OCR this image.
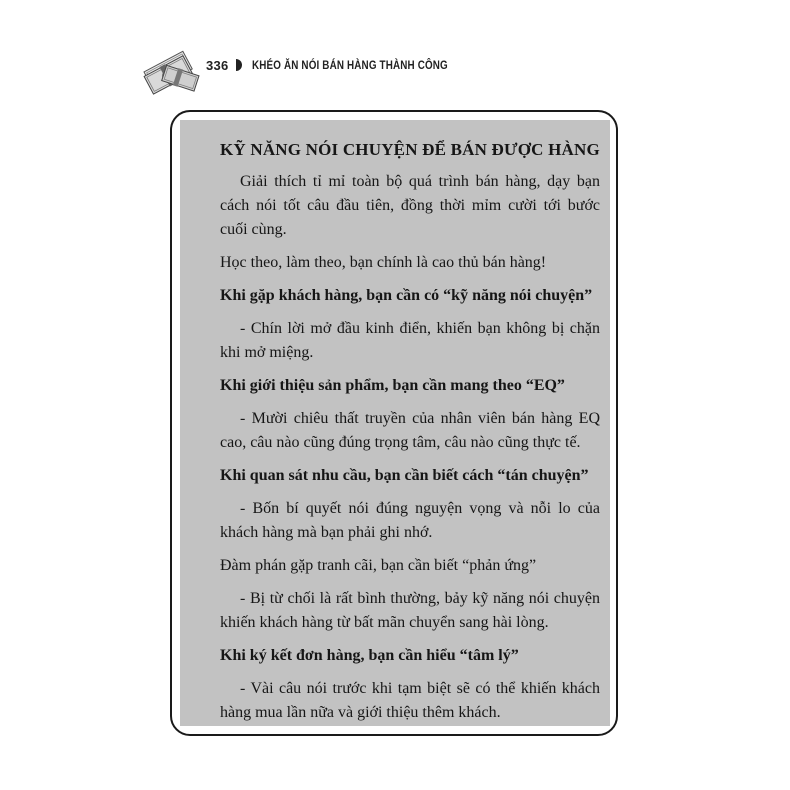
336 KHÉO ĂN NÓI BÁN HÀNG THÀNH CÔNG

KỸ NĂNG NÓI CHUYỆN ĐỂ BÁN ĐƯỢC HÀNG

Giải thích tỉ mỉ toàn bộ quá trình bán hàng, dạy bạn cách nói tốt câu đầu tiên, đồng thời mỉm cười tới bước cuối cùng.

Học theo, làm theo, bạn chính là cao thủ bán hàng!

Khi gặp khách hàng, bạn cần có “kỹ năng nói chuyện”

- Chín lời mở đầu kinh điển, khiến bạn không bị chặn khi mở miệng.

Khi giới thiệu sản phẩm, bạn cần mang theo “EQ”

- Mười chiêu thất truyền của nhân viên bán hàng EQ cao, câu nào cũng đúng trọng tâm, câu nào cũng thực tế.

Khi quan sát nhu cầu, bạn cần biết cách “tán chuyện”

- Bốn bí quyết nói đúng nguyện vọng và nỗi lo của khách hàng mà bạn phải ghi nhớ.

Đàm phán gặp tranh cãi, bạn cần biết “phản ứng”

- Bị từ chối là rất bình thường, bảy kỹ năng nói chuyện khiến khách hàng từ bất mãn chuyển sang hài lòng.

Khi ký kết đơn hàng, bạn cần hiểu “tâm lý”

- Vài câu nói trước khi tạm biệt sẽ có thể khiến khách hàng mua lần nữa và giới thiệu thêm khách.
